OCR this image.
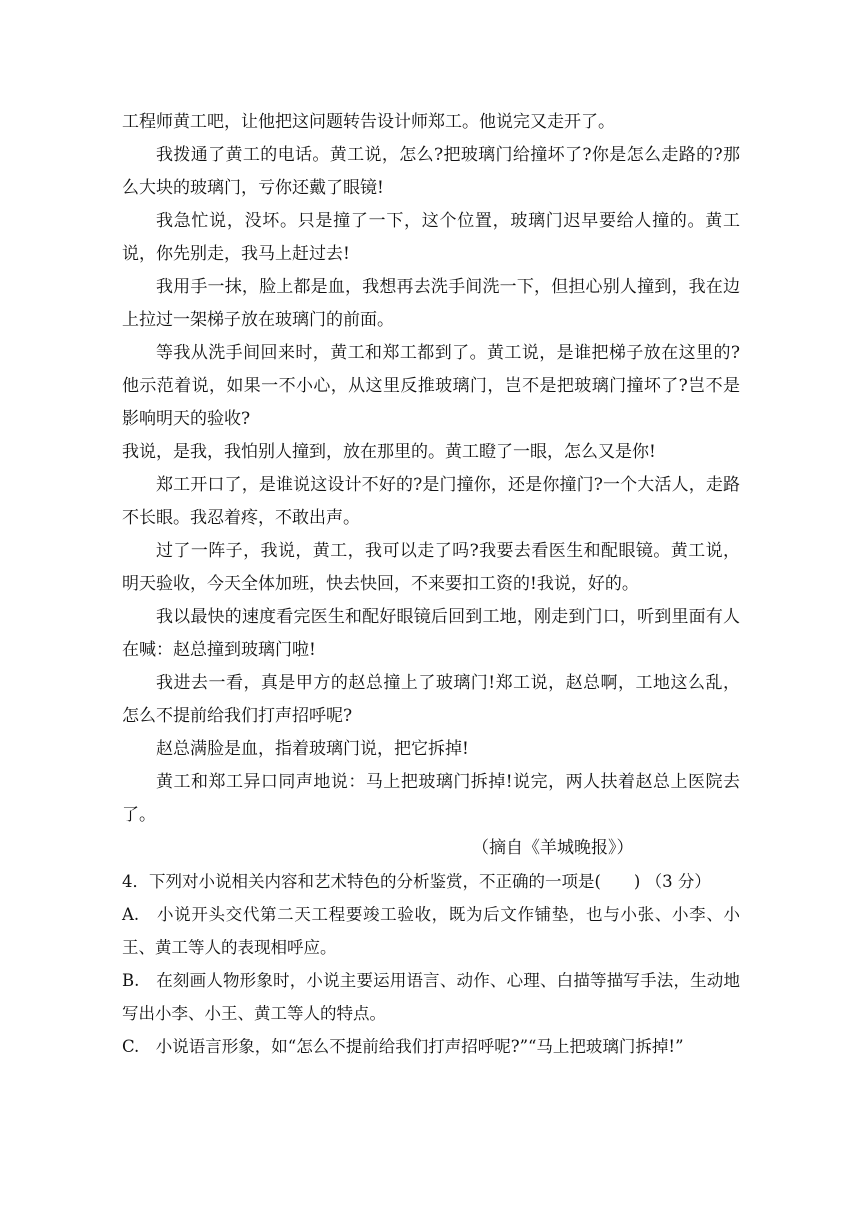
工程师黄工吧，让他把这问题转告设计师郑工。他说完又走开了。

我拨通了黄工的电话。黄工说，怎么?把玻璃门给撞坏了?你是怎么走路的?那么大块的玻璃门，亏你还戴了眼镜!

我急忙说，没坏。只是撞了一下，这个位置，玻璃门迟早要给人撞的。黄工说，你先别走，我马上赶过去!

我用手一抹，脸上都是血，我想再去洗手间洗一下，但担心别人撞到，我在边上拉过一架梯子放在玻璃门的前面。

等我从洗手间回来时，黄工和郑工都到了。黄工说，是谁把梯子放在这里的?他示范着说，如果一不小心，从这里反推玻璃门，岂不是把玻璃门撞坏了?岂不是影响明天的验收?

我说，是我，我怕别人撞到，放在那里的。黄工瞪了一眼，怎么又是你!

郑工开口了，是谁说这设计不好的?是门撞你，还是你撞门?一个大活人，走路不长眼。我忍着疼，不敢出声。

过了一阵子，我说，黄工，我可以走了吗?我要去看医生和配眼镜。黄工说，明天验收，今天全体加班，快去快回，不来要扣工资的!我说，好的。

我以最快的速度看完医生和配好眼镜后回到工地，刚走到门口，听到里面有人在喊：赵总撞到玻璃门啦!

我进去一看，真是甲方的赵总撞上了玻璃门!郑工说，赵总啊，工地这么乱，怎么不提前给我们打声招呼呢?

赵总满脸是血，指着玻璃门说，把它拆掉!

黄工和郑工异口同声地说：马上把玻璃门拆掉!说完，两人扶着赵总上医院去了。

（摘自《羊城晚报》）

4．下列对小说相关内容和艺术特色的分析鉴赏，不正确的一项是(　　) （3 分）

A.　小说开头交代第二天工程要竣工验收，既为后文作铺垫，也与小张、小李、小王、黄工等人的表现相呼应。

B.　在刻画人物形象时，小说主要运用语言、动作、心理、白描等描写手法，生动地写出小李、小王、黄工等人的特点。

C.　小说语言形象，如“怎么不提前给我们打声招呼呢?”“马上把玻璃门拆掉!”
